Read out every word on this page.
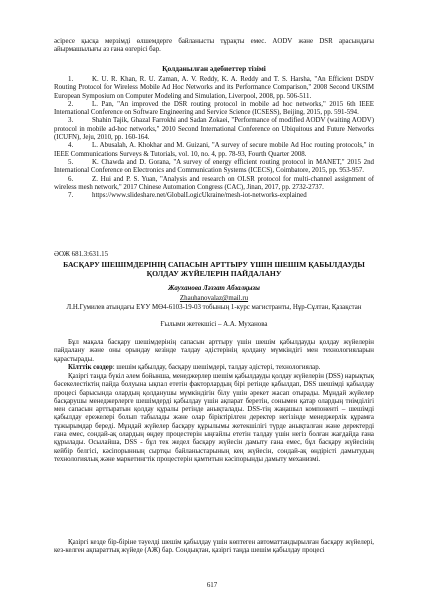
әсіресе қысқа мерзімді өлшемдерге байланысты тұрақты емес. AODV және DSR арасындағы айырмашылығы аз ғана өзгерісі бар.

Қолданылған әдебиеттер тізімі

1.	K. U. R. Khan, R. U. Zaman, A. V. Reddy, K. A. Reddy and T. S. Harsha, "An Efficient DSDV Routing Protocol for Wireless Mobile Ad Hoc Networks and its Performance Comparison," 2008 Second UKSIM European Symposium on Computer Modeling and Simulation, Liverpool, 2008, pp. 506-511.

2.	L. Pan, "An improved the DSR routing protocol in mobile ad hoc networks," 2015 6th IEEE International Conference on Software Engineering and Service Science (ICSESS), Beijing, 2015, pp. 591-594.

3.	Shahin Tajik, Ghazal Farrokhi and Sadan Zokaei, "Performance of modified AODV (waiting AODV) protocol in mobile ad-hoc networks," 2010 Second International Conference on Ubiquitous and Future Networks (ICUFN), Jeju, 2010, pp. 160-164.

4.	L. Abusalah, A. Khokhar and M. Guizani, "A survey of secure mobile Ad Hoc routing protocols," in IEEE Communications Surveys & Tutorials, vol. 10, no. 4, pp. 78-93, Fourth Quarter 2008.

5.	K. Chawda and D. Gorana, "A survey of energy efficient routing protocol in MANET," 2015 2nd International Conference on Electronics and Communication Systems (ICECS), Coimbatore, 2015, pp. 953-957.

6.	Z. Hui and P. S. Yuan, "Analysis and research on OLSR protocol for multi-channel assignment of wireless mesh network," 2017 Chinese Automation Congress (CAC), Jinan, 2017, pp. 2732-2737.

7.	https://www.slideshare.net/GlobalLogicUkraine/mesh-iot-networks-explained

ӘОЖ 681.3:631.15

БАСҚАРУ ШЕШІМДЕРІНІҢ САПАСЫН АРТТЫРУ ҮШІН ШЕШІМ ҚАБЫЛДАУДЫ ҚОЛДАУ ЖҮЙЕЛЕРІН ПАЙДАЛАНУ

Жауханова Ләззат Абзалқызы

Zhauhanovalaz@mail.ru

Л.Н.Гумилев атындағы ЕҰУ МӨ4-6103-19-03 тобының 1-курс магистранты, Нұр-Сұлтан, Қазақстан

Ғылыми жетекшісі – А.А. Муханова

Бұл мақала басқару шешімдерінің сапасын арттыру үшін шешім қабылдауды қолдау жүйелерін пайдалану және оны орындау кезінде талдау әдістерінің қолдану мүмкіндігі мен технологияларын қарастырады.

Кілттік сөздер: шешім қабылдау, басқару шешімдері, талдау әдістері, технологиялар.

Қазіргі таңда бүкіл әлем бойынша, менеджерлер шешім қабылдауды қолдау жүйелерін (DSS) нарықтық бәсекелестіктің пайда болуына ықпал ететін факторлардың бірі ретінде қабылдап, DSS шешімді қабылдау процесі барысында олардың қолданушы мүмкіндігін білу үшін әрекет жасап отырады. Мұндай жүйелер басқарушы менеджерлерге шешімдерді қабылдау үшін ақпарат беретін, сонымен қатар олардың тиімділігі мен сапасын арттыратын қолдау құралы ретінде анықталады. DSS-тің жаңашыл компоненті – шешімді қабылдау ережелері болып табылады және олар біріктірілген деректер негізінде менеджерлік құрамға тұжырымдар береді. Мұндай жүйелер басқару құрылымы жетекшілігі түрде анықталған және деректерді ғана емес, сондай-ақ олардың өңдеу процестерін ыңғайлы ететін талдау үшін негіз болған жағдайда ғана құрылады. Осылайша, DSS - бұл тек жедел басқару жүйесін дамыту ғана емес, бұл басқару жүйесінің кейбір белгісі, кәсіпорынның сыртқы байланыстарының кең жүйесін, сондай-ақ өндірісті дамытудың технологиялық және маркетингтік процестерін қамтитын кәсіпорынды дамыту механизмі.

Қазіргі кезде бір-біріне тәуелді шешім қабылдау үшін көптеген автоматтандырылған басқару жүйелері, кез-келген ақпараттық жүйеде (АЖ) бар. Сондықтан, қазіргі таңда шешім қабылдау процесі

617
